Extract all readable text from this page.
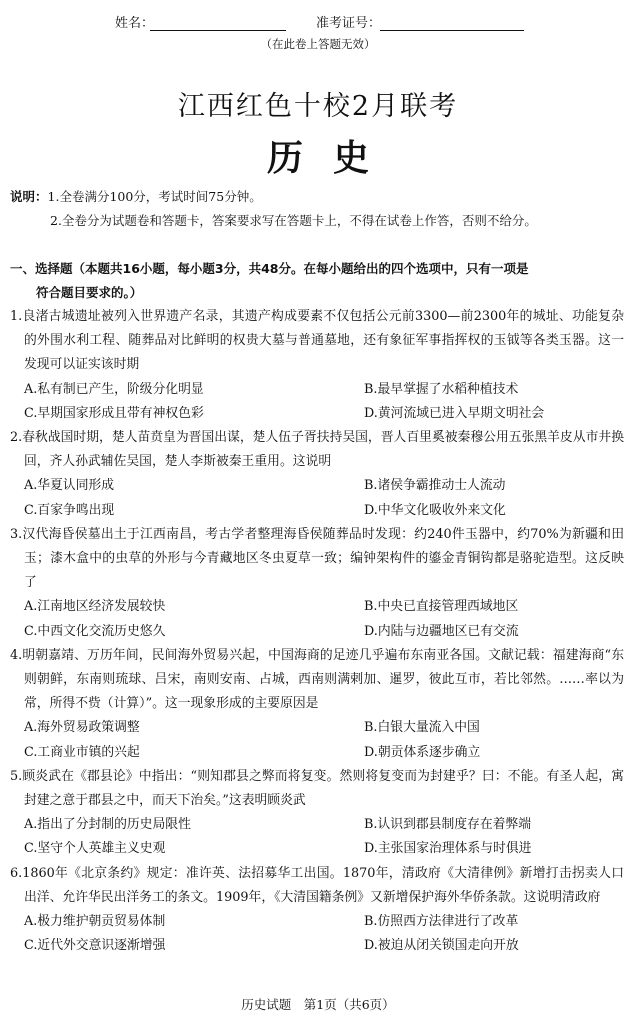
姓名：	准考证号：
（在此卷上答题无效）
江西红色十校2月联考
历史
说明：1.全卷满分100分，考试时间75分钟。
2.全卷分为试题卷和答题卡，答案要求写在答题卡上，不得在试卷上作答，否则不给分。
一、选择题（本题共16小题，每小题3分，共48分。在每小题给出的四个选项中，只有一项是
符合题目要求的。）
1.良渚古城遗址被列入世界遗产名录，其遗产构成要素不仅包括公元前3300—前2300年的城址、功能复杂的外围水利工程、随葬品对比鲜明的权贵大墓与普通墓地，还有象征军事指挥权的玉钺等各类玉器。这一发现可以证实该时期
A.私有制已产生，阶级分化明显	B.最早掌握了水稻种植技术
C.早期国家形成且带有神权色彩	D.黄河流域已进入早期文明社会
2.春秋战国时期，楚人苗贲皇为晋国出谋，楚人伍子胥扶持吴国，晋人百里奚被秦穆公用五张黑羊皮从市井换回，齐人孙武辅佐吴国，楚人李斯被秦王重用。这说明
A.华夏认同形成	B.诸侯争霸推动士人流动
C.百家争鸣出现	D.中华文化吸收外来文化
3.汉代海昏侯墓出土于江西南昌，考古学者整理海昏侯随葬品时发现：约240件玉器中，约70%为新疆和田玉；漆木盒中的虫草的外形与今青藏地区冬虫夏草一致；编钟架构件的鎏金青铜钩都是骆驼造型。这反映了
A.江南地区经济发展较快	B.中央已直接管理西域地区
C.中西文化交流历史悠久	D.内陆与边疆地区已有交流
4.明朝嘉靖、万历年间，民间海外贸易兴起，中国海商的足迹几乎遍布东南亚各国。文献记载：福建海商“东则朝鲜，东南则琉球、吕宋，南则安南、占城，西南则满剌加、暹罗，彼此互市，若比邻然。……率以为常，所得不赀（计算）”。这一现象形成的主要原因是
A.海外贸易政策调整	B.白银大量流入中国
C.工商业市镇的兴起	D.朝贡体系逐步确立
5.顾炎武在《郡县论》中指出：“则知郡县之弊而将复变。然则将复变而为封建乎？曰：不能。有圣人起，寓封建之意于郡县之中，而天下治矣。”这表明顾炎武
A.指出了分封制的历史局限性	B.认识到郡县制度存在着弊端
C.坚守个人英雄主义史观	D.主张国家治理体系与时俱进
6.1860年《北京条约》规定：准许英、法招募华工出国。1870年，清政府《大清律例》新增打击拐卖人口出洋、允许华民出洋务工的条文。1909年，《大清国籍条例》又新增保护海外华侨条款。这说明清政府
A.极力维护朝贡贸易体制	B.仿照西方法律进行了改革
C.近代外交意识逐渐增强	D.被迫从闭关锁国走向开放
历史试题　第1页（共6页）
